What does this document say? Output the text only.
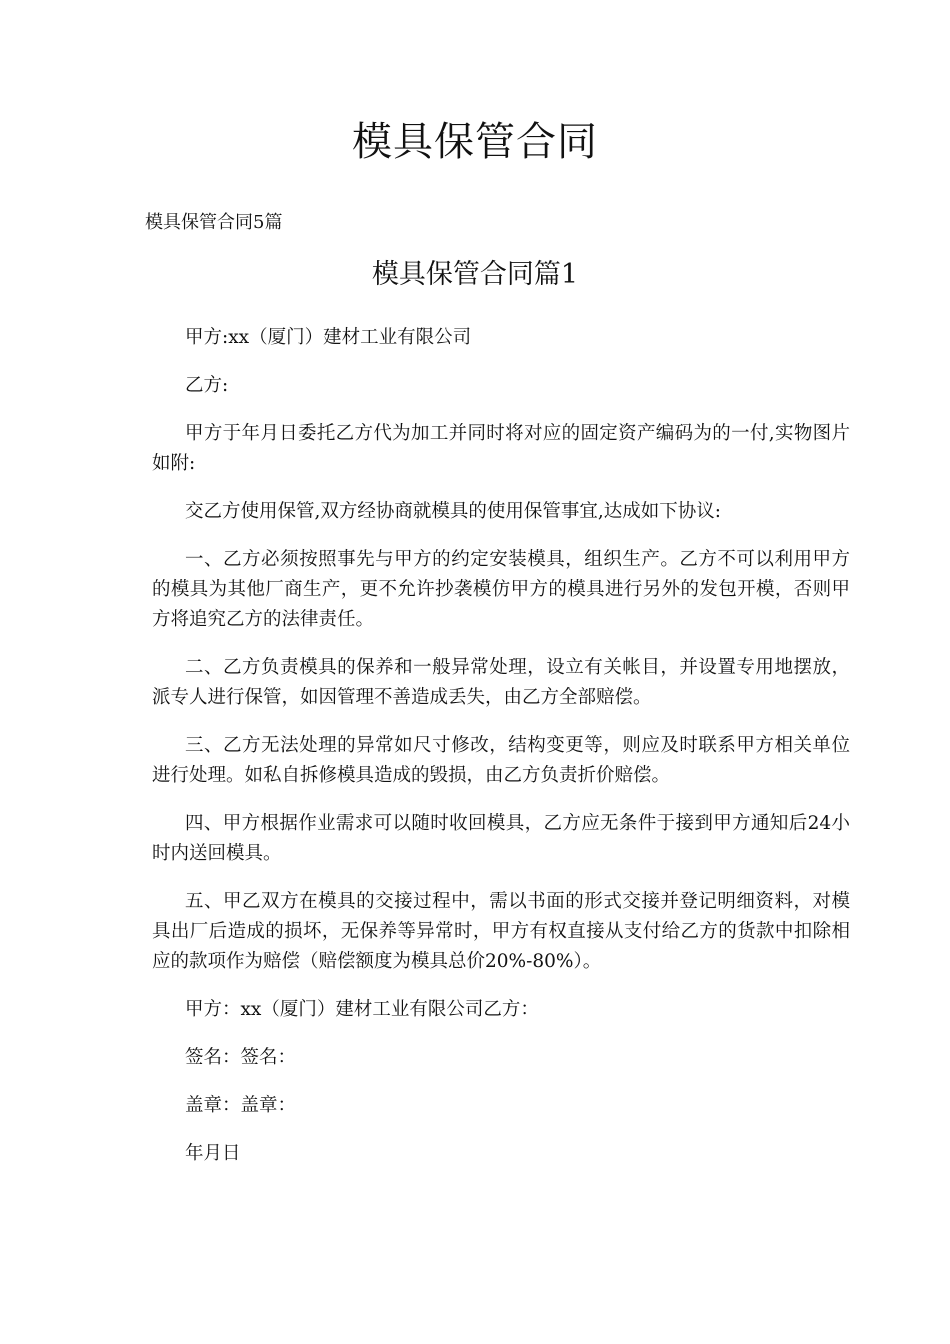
模具保管合同
模具保管合同5篇
模具保管合同篇1

甲方:xx（厦门）建材工业有限公司

乙方:

甲方于年月日委托乙方代为加工并同时将对应的固定资产编码为的一付,实物图片如附:

交乙方使用保管,双方经协商就模具的使用保管事宜,达成如下协议:

一、乙方必须按照事先与甲方的约定安装模具，组织生产。乙方不可以利用甲方的模具为其他厂商生产，更不允许抄袭模仿甲方的模具进行另外的发包开模，否则甲方将追究乙方的法律责任。

二、乙方负责模具的保养和一般异常处理，设立有关帐目，并设置专用地摆放，派专人进行保管，如因管理不善造成丢失，由乙方全部赔偿。

三、乙方无法处理的异常如尺寸修改，结构变更等，则应及时联系甲方相关单位进行处理。如私自拆修模具造成的毁损，由乙方负责折价赔偿。

四、甲方根据作业需求可以随时收回模具，乙方应无条件于接到甲方通知后24小时内送回模具。

五、甲乙双方在模具的交接过程中，需以书面的形式交接并登记明细资料，对模具出厂后造成的损坏，无保养等异常时，甲方有权直接从支付给乙方的货款中扣除相应的款项作为赔偿（赔偿额度为模具总价20%-80%）。

甲方：xx（厦门）建材工业有限公司乙方：

签名：签名：

盖章：盖章：

年月日
